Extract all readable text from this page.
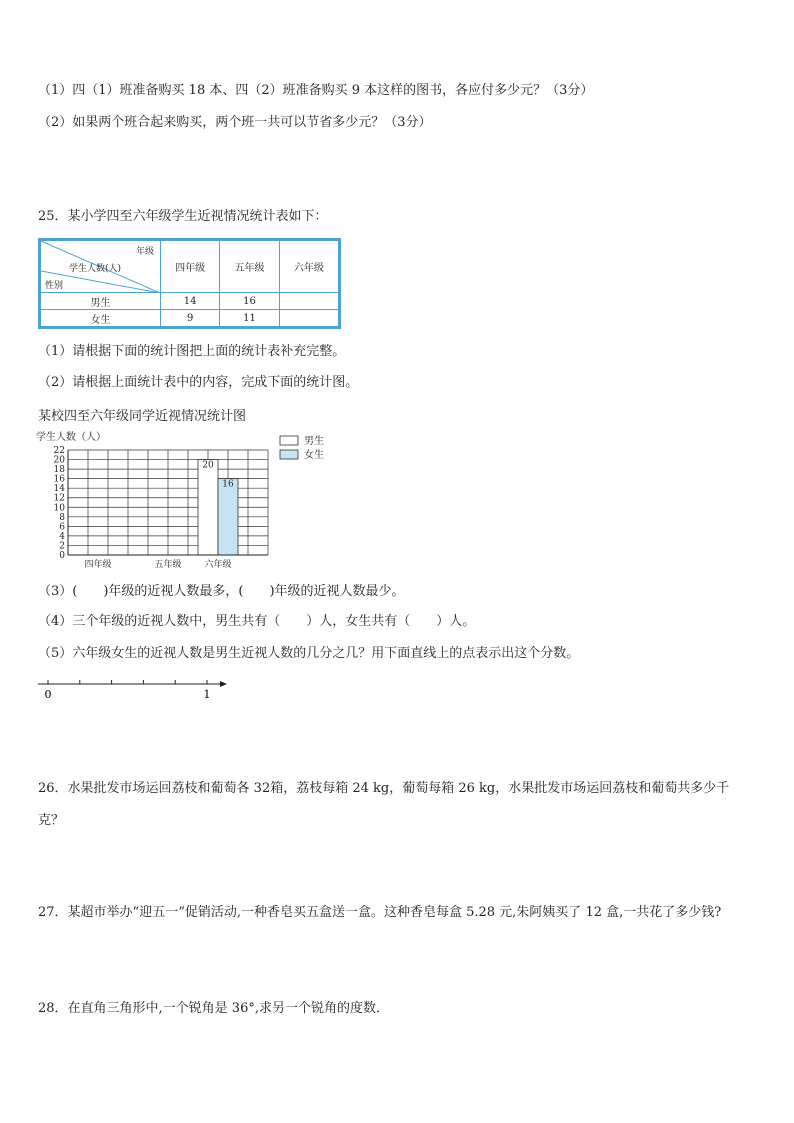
（1）四（1）班准备购买 18 本、四（2）班准备购买 9 本这样的图书，各应付多少元？（3分）
（2）如果两个班合起来购买，两个班一共可以节省多少元？（3分）
25．某小学四至六年级学生近视情况统计表如下：
年级
学生人数(人)
性别	四年级	五年级	六年级
男生	14	16	
女生	9	11	
（1）请根据下面的统计图把上面的统计表补充完整。
（2）请根据上面统计表中的内容，完成下面的统计图。
某校四至六年级同学近视情况统计图
学生人数（人）
0
2
4
6
8
10
12
14
16
18
20
22
四年级	五年级	六年级
20
16
男生
女生
（3）(　　)年级的近视人数最多，(　　)年级的近视人数最少。
（4）三个年级的近视人数中，男生共有（　　）人，女生共有（　　）人。
（5）六年级女生的近视人数是男生近视人数的几分之几？用下面直线上的点表示出这个分数。
0	1
26．水果批发市场运回荔枝和葡萄各 32箱，荔枝每箱 24 kg，葡萄每箱 26 kg，水果批发市场运回荔枝和葡萄共多少千
克？
27．某超市举办“迎五一”促销活动,一种香皂买五盒送一盒。这种香皂每盒 5.28 元,朱阿姨买了 12 盒,一共花了多少钱?
28．在直角三角形中,一个锐角是 36°,求另一个锐角的度数．
